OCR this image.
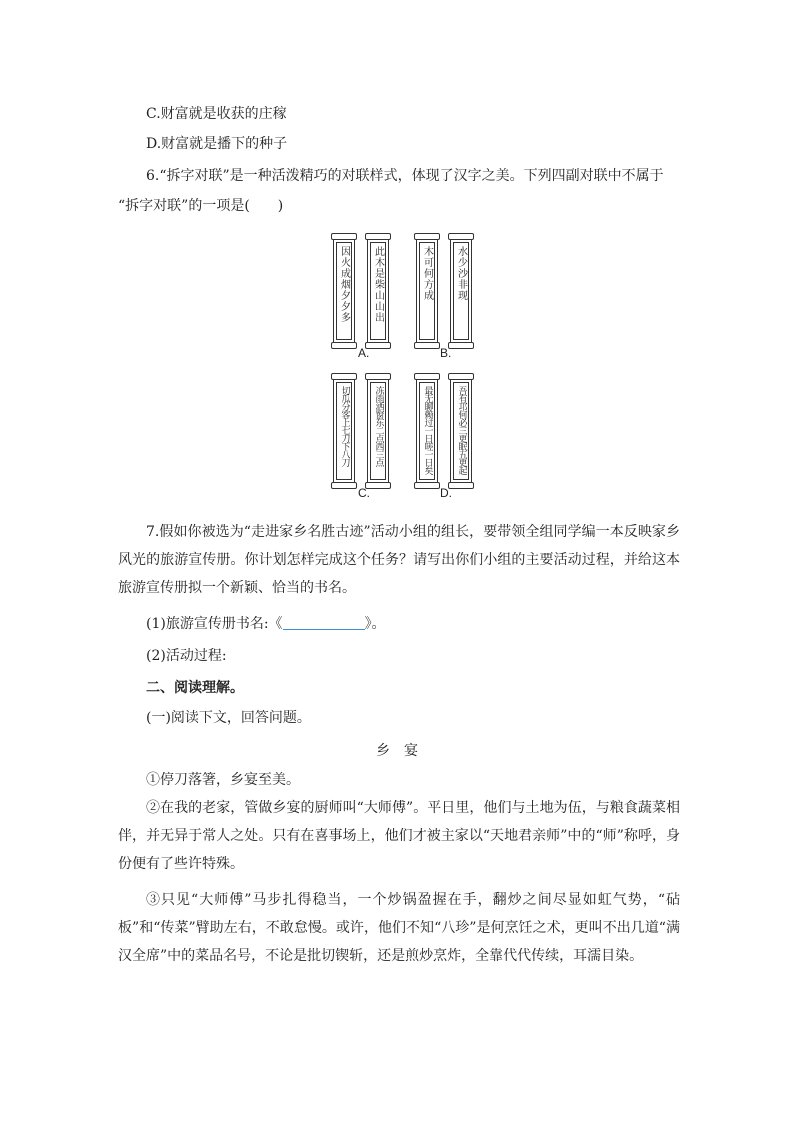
C.财富就是收获的庄稼
D.财富就是播下的种子
6.“拆字对联”是一种活泼精巧的对联样式，体现了汉字之美。下列四副对联中不属于
“拆字对联”的一项是(　　)
因火成烟夕夕多 此木是柴山山出
A.
木可何方成 水少沙非现
B.
切瓜分客上七刀下八刀	冻雨洒窗东二点西三点
C.
最无聊赖过一日嗟一日矣	吾有邛何必三更眠五更起
D.
7.假如你被选为“走进家乡名胜古迹”活动小组的组长，要带领全组同学编一本反映家乡风光的旅游宣传册。你计划怎样完成这个任务？请写出你们小组的主要活动过程，并给这本旅游宣传册拟一个新颖、恰当的书名。
(1)旅游宣传册书名:《	》。
(2)活动过程:
二、阅读理解。
(一)阅读下文，回答问题。
乡　宴
①停刀落箸，乡宴至美。
②在我的老家，管做乡宴的厨师叫“大师傅”。平日里，他们与土地为伍，与粮食蔬菜相伴，并无异于常人之处。只有在喜事场上，他们才被主家以“天地君亲师”中的“师”称呼，身份便有了些许特殊。
③只见“大师傅”马步扎得稳当，一个炒锅盈握在手，翻炒之间尽显如虹气势，“砧板”和“传菜”臂助左右，不敢怠慢。或许，他们不知“八珍”是何烹饪之术，更叫不出几道“满汉全席”中的菜品名号，不论是批切锲斩，还是煎炒烹炸，全靠代代传续，耳濡目染。
